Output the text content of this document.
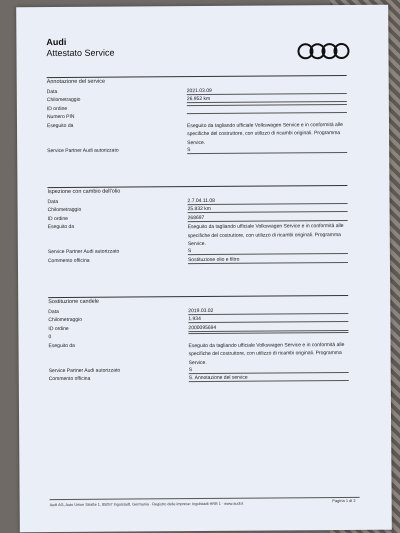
Audi
Attestato Service
Annotazione del service
Data	2021.03.09
Chilometraggio	26.952 km
ID ordine
Numero PIN
Eseguito da	Eseguito da tagliando ufficiale Volkswagen Service e in conformità alle specifiche del costruttore, con utilizzo di ricambi originali. Programma Service.
Service Partner Audi autorizzato	S
Ispezione con cambio dell'olio
Data	2.7.04.11.08
Chilometraggio	25.832 km
ID ordine	268697
Eseguito da	Eseguito da tagliando ufficiale Volkswagen Service e in conformità alle specifiche del costruttore, con utilizzo di ricambi originali. Programma Service.
Service Partner Audi autorizzato	S
Commento officina	Sostituzione olio e filtro
Sostituzione candele
Data	2019.03.02
Chilometraggio	1.934
ID ordine	2000095694
0
Eseguito da	Eseguito da tagliando ufficiale Volkswagen Service e in conformità alle specifiche del costruttore, con utilizzo di ricambi originali. Programma Service.
Service Partner Audi autorizzato	S
Commento officina	S. Annotazione del service
Audi AG, Auto Union Straße 1, 85057 Ingolstadt, Germania · Registro delle imprese: Ingolstadt HRB 1 · www.audi.it
Pagina 1 di 2
